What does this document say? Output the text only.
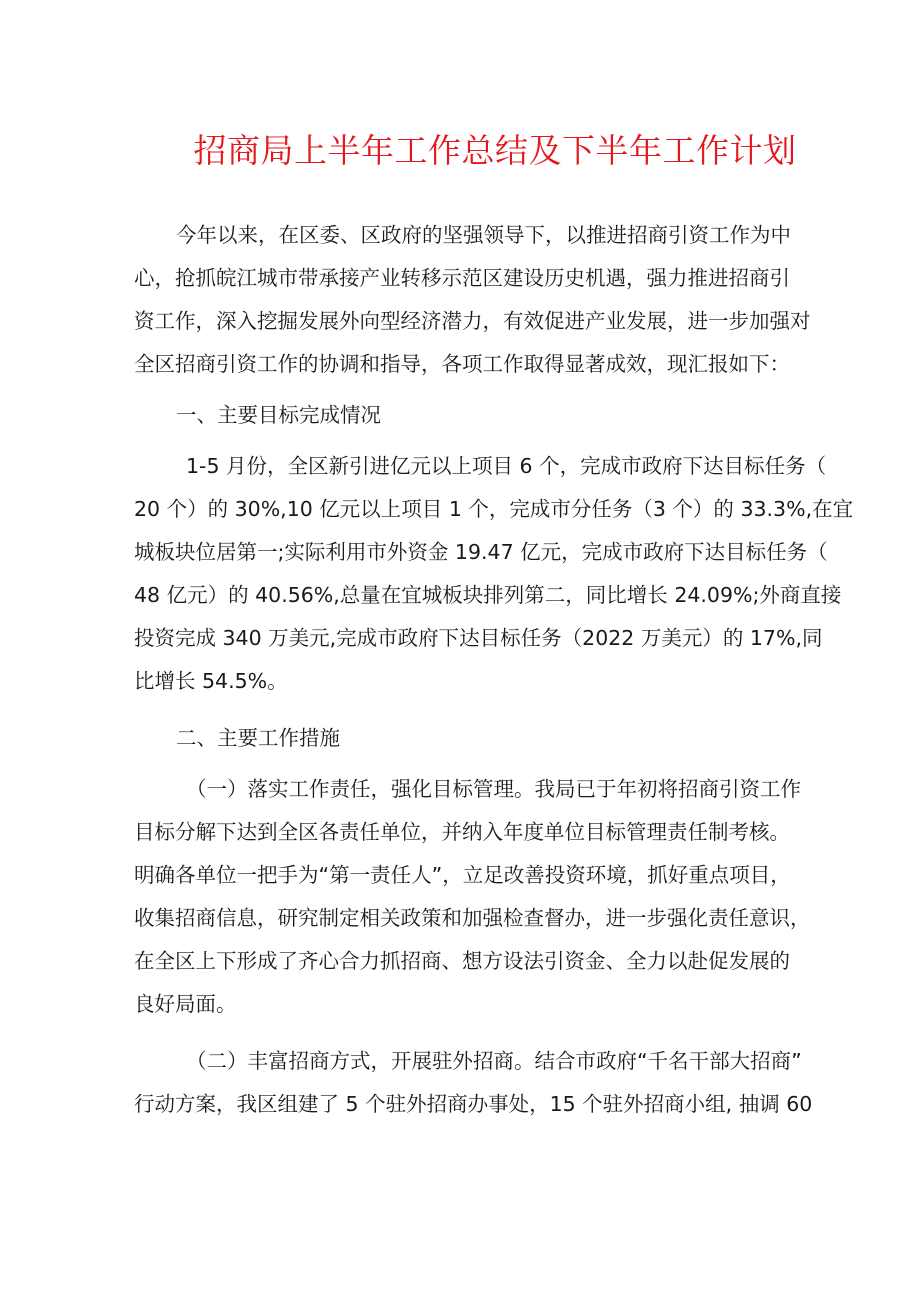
招商局上半年工作总结及下半年工作计划
今年以来，在区委、区政府的坚强领导下，以推进招商引资工作为中
心，抢抓皖江城市带承接产业转移示范区建设历史机遇，强力推进招商引
资工作，深入挖掘发展外向型经济潜力，有效促进产业发展，进一步加强对
全区招商引资工作的协调和指导，各项工作取得显著成效，现汇报如下：
一、主要目标完成情况
1-5 月份，全区新引进亿元以上项目 6 个，完成市政府下达目标任务（
20 个）的 30%,10 亿元以上项目 1 个，完成市分任务（3 个）的 33.3%,在宜
城板块位居第一;实际利用市外资金 19.47 亿元，完成市政府下达目标任务（
48 亿元）的 40.56%,总量在宜城板块排列第二，同比增长 24.09%;外商直接
投资完成 340 万美元,完成市政府下达目标任务（2022 万美元）的 17%,同
比增长 54.5%。
二、主要工作措施
（一）落实工作责任，强化目标管理。我局已于年初将招商引资工作
目标分解下达到全区各责任单位，并纳入年度单位目标管理责任制考核。
明确各单位一把手为“第一责任人”，立足改善投资环境，抓好重点项目，
收集招商信息，研究制定相关政策和加强检查督办，进一步强化责任意识，
在全区上下形成了齐心合力抓招商、想方设法引资金、全力以赴促发展的
良好局面。
（二）丰富招商方式，开展驻外招商。结合市政府“千名干部大招商”
行动方案，我区组建了 5 个驻外招商办事处，15 个驻外招商小组, 抽调 60
